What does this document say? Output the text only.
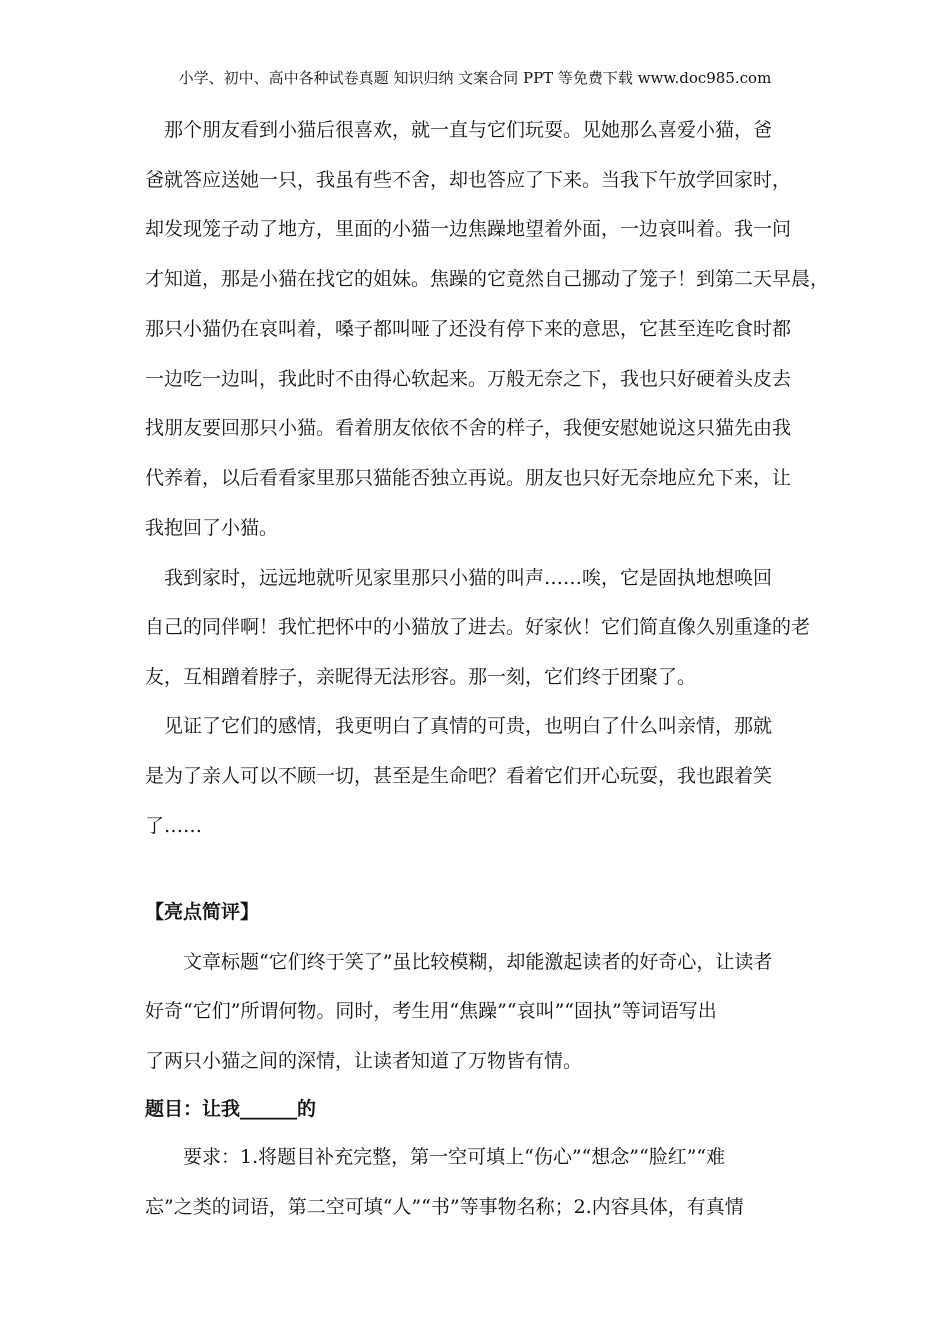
小学、初中、高中各种试卷真题 知识归纳 文案合同 PPT 等免费下载 www.doc985.com
　那个朋友看到小猫后很喜欢，就一直与它们玩耍。见她那么喜爱小猫，爸
爸就答应送她一只，我虽有些不舍，却也答应了下来。当我下午放学回家时，
却发现笼子动了地方，里面的小猫一边焦躁地望着外面，一边哀叫着。我一问
才知道，那是小猫在找它的姐妹。焦躁的它竟然自己挪动了笼子！到第二天早晨，
那只小猫仍在哀叫着，嗓子都叫哑了还没有停下来的意思，它甚至连吃食时都
一边吃一边叫，我此时不由得心软起来。万般无奈之下，我也只好硬着头皮去
找朋友要回那只小猫。看着朋友依依不舍的样子，我便安慰她说这只猫先由我
代养着，以后看看家里那只猫能否独立再说。朋友也只好无奈地应允下来，让
我抱回了小猫。
　我到家时，远远地就听见家里那只小猫的叫声……唉，它是固执地想唤回
自己的同伴啊！我忙把怀中的小猫放了进去。好家伙！它们简直像久别重逢的老
友，互相蹭着脖子，亲昵得无法形容。那一刻，它们终于团聚了。
　见证了它们的感情，我更明白了真情的可贵，也明白了什么叫亲情，那就
是为了亲人可以不顾一切，甚至是生命吧？看着它们开心玩耍，我也跟着笑
了……
【亮点简评】
　　文章标题“它们终于笑了”虽比较模糊，却能激起读者的好奇心，让读者
好奇“它们”所谓何物。同时，考生用“焦躁”“哀叫”“固执”等词语写出
了两只小猫之间的深情，让读者知道了万物皆有情。
题目：让我______的
　　要求：1.将题目补充完整，第一空可填上“伤心”“想念”“脸红”“难
忘”之类的词语，第二空可填“人”“书”等事物名称；2.内容具体，有真情
